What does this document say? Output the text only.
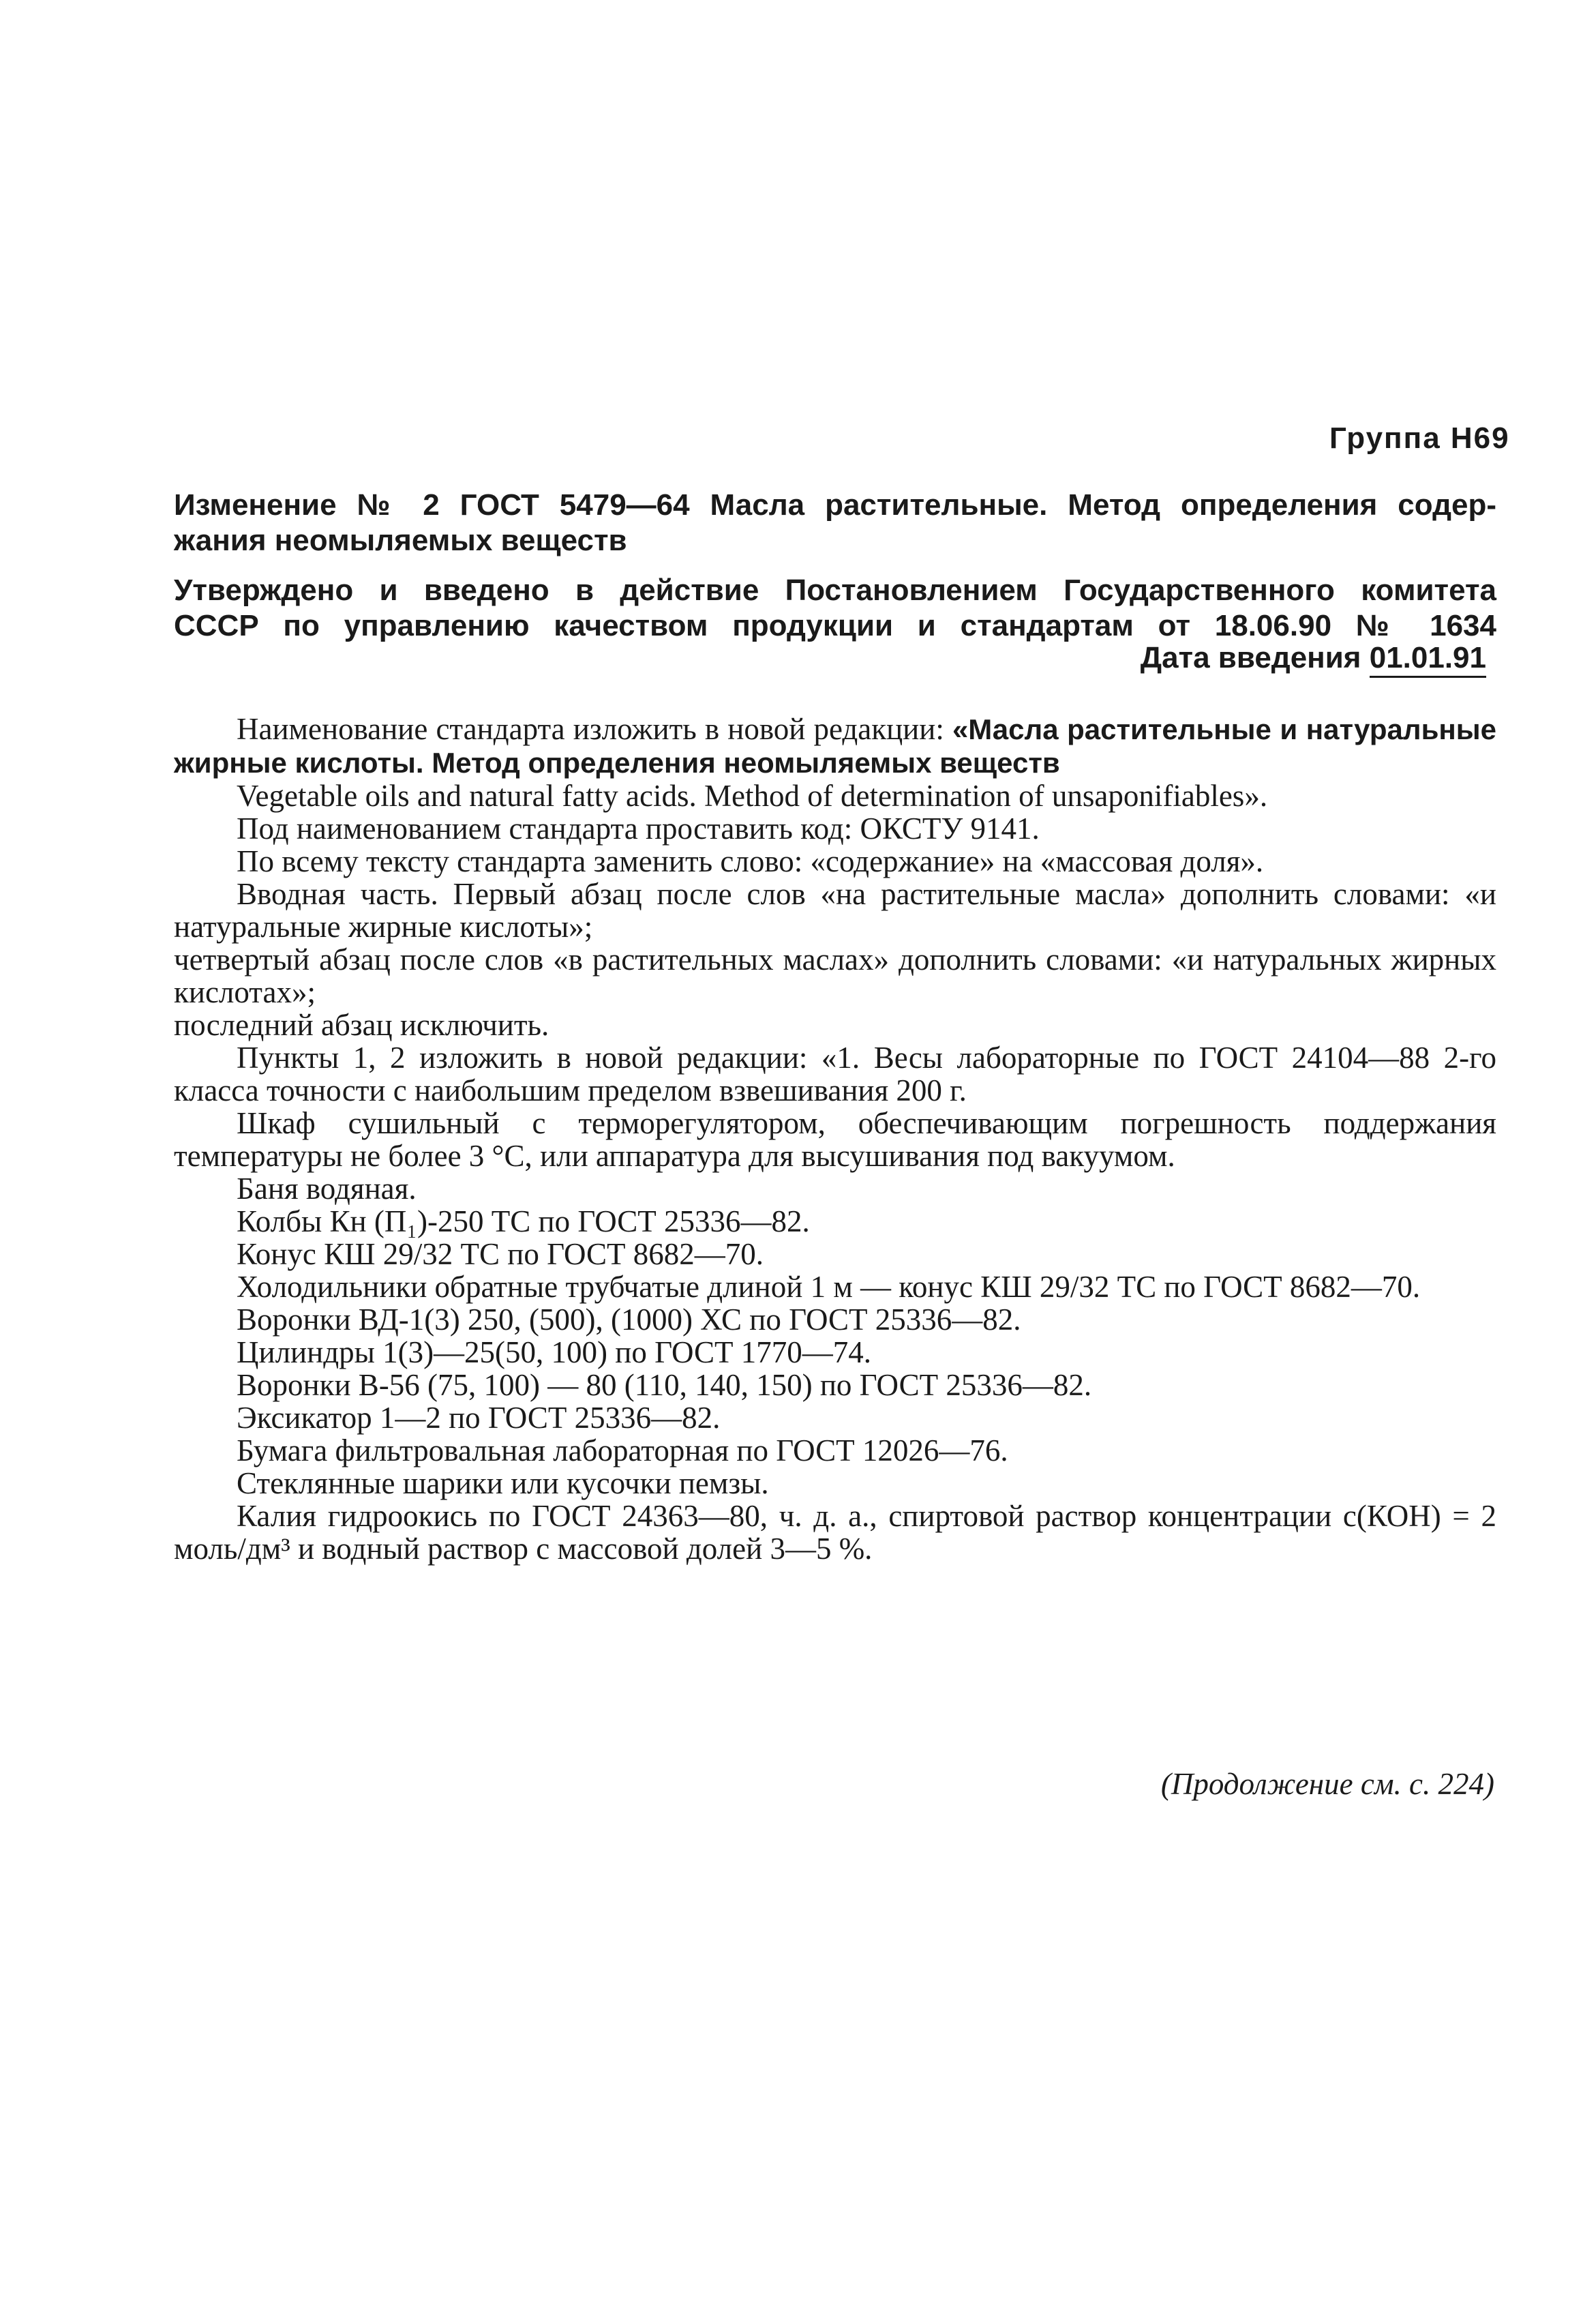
Группа Н69
Изменение № 2 ГОСТ 5479—64 Масла растительные. Метод определения содер-
жания неомыляемых веществ
Утверждено и введено в действие Постановлением Государственного комитета
СССР по управлению качеством продукции и стандартам от 18.06.90 № 1634
Дата введения 01.01.91

Наименование стандарта изложить в новой редакции: «Масла растительные и натуральные жирные кислоты. Метод определения неомыляемых веществ

Vegetable oils and natural fatty acids. Method of determination of unsaponifiables».

Под наименованием стандарта проставить код: ОКСТУ 9141.

По всему тексту стандарта заменить слово: «содержание» на «массовая доля».

Вводная часть. Первый абзац после слов «на растительные масла» дополнить словами: «и натуральные жирные кислоты»;

четвертый абзац после слов «в растительных маслах» дополнить словами: «и натуральных жирных кислотах»;

последний абзац исключить.

Пункты 1, 2 изложить в новой редакции: «1. Весы лабораторные по ГОСТ 24104—88 2-го класса точности с наибольшим пределом взвешивания 200 г.

Шкаф сушильный с терморегулятором, обеспечивающим погрешность поддержания температуры не более 3 °С, или аппаратура для высушивания под вакуумом.

Баня водяная.

Колбы Кн (П₁)-250 ТС по ГОСТ 25336—82.

Конус КШ 29/32 ТС по ГОСТ 8682—70.

Холодильники обратные трубчатые длиной 1 м — конус КШ 29/32 ТС по ГОСТ 8682—70.

Воронки ВД-1(3) 250, (500), (1000) ХС по ГОСТ 25336—82.

Цилиндры 1(3)—25(50, 100) по ГОСТ 1770—74.

Воронки В-56 (75, 100) — 80 (110, 140, 150) по ГОСТ 25336—82.

Эксикатор 1—2 по ГОСТ 25336—82.

Бумага фильтровальная лабораторная по ГОСТ 12026—76.

Стеклянные шарики или кусочки пемзы.

Калия гидроокись по ГОСТ 24363—80, ч. д. а., спиртовой раствор концентрации с(КОН) = 2 моль/дм³ и водный раствор с массовой долей 3—5 %.

(Продолжение см. с. 224)
